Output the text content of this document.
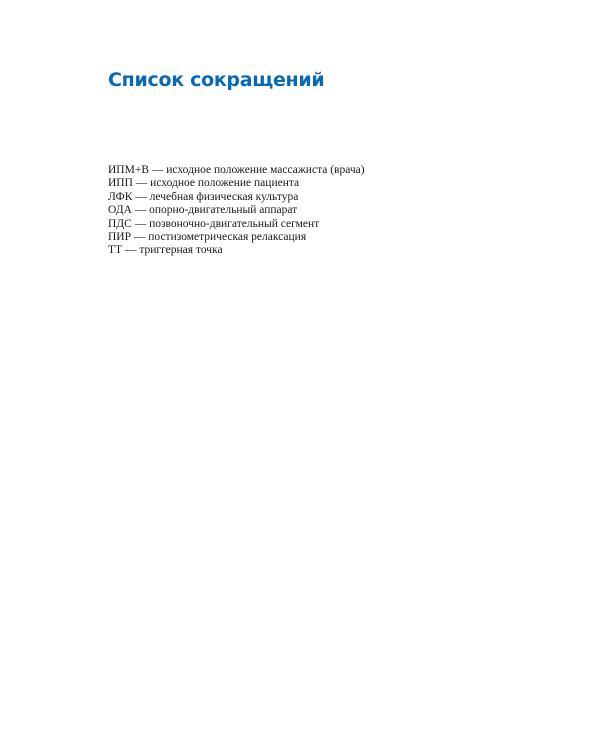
Список сокращений
ИПМ+В — исходное положение массажиста (врача)
ИПП — исходное положение пациента
ЛФК — лечебная физическая культура
ОДА — опорно-двигательный аппарат
ПДС — позвоночно-двигательный сегмент
ПИР — постизометрическая релаксация
ТТ — триггерная точка
